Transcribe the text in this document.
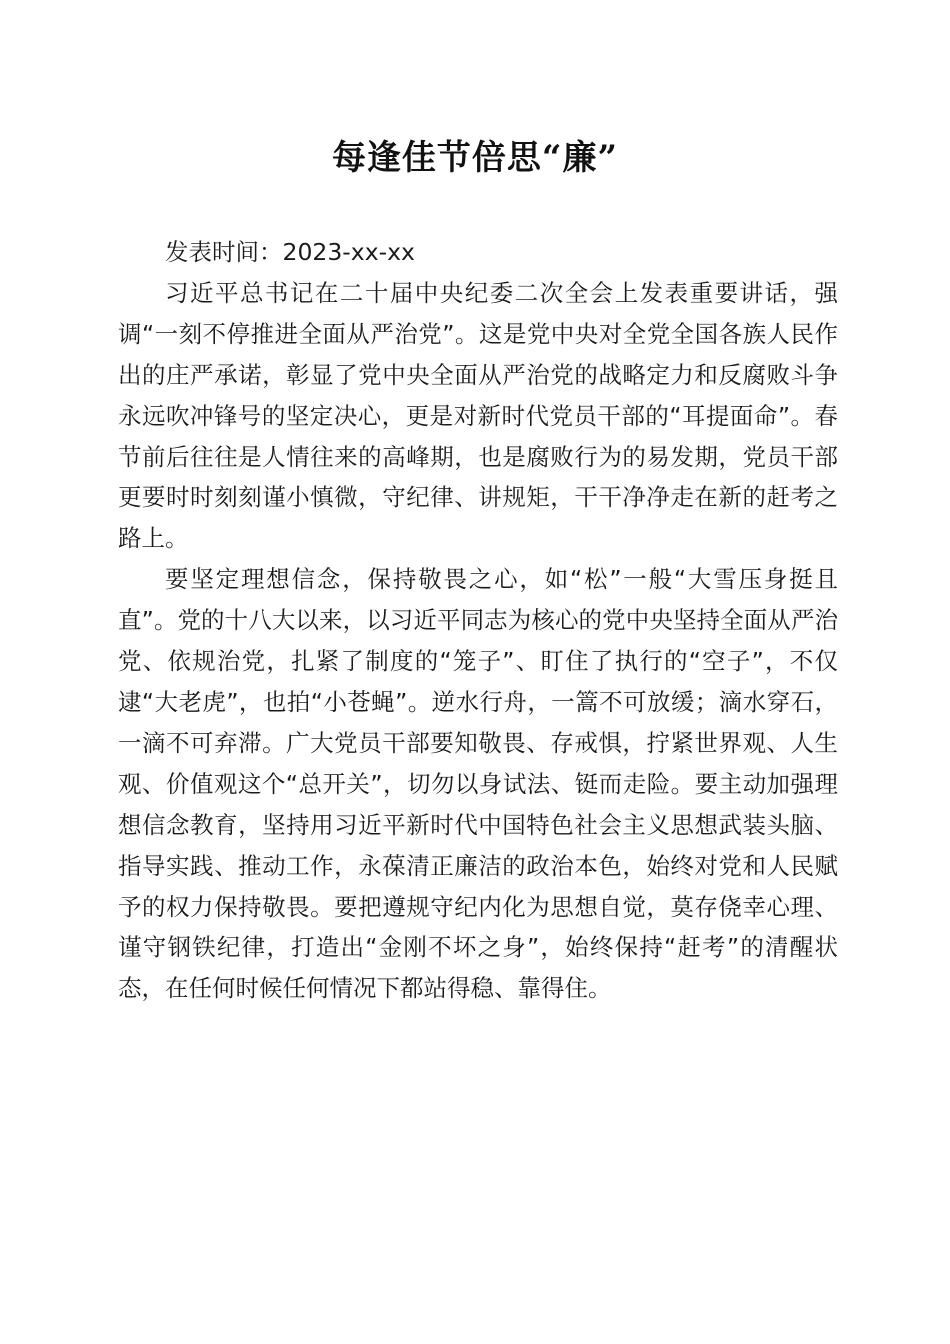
每逢佳节倍思“廉”

发表时间：2023-xx-xx

习近平总书记在二十届中央纪委二次全会上发表重要讲话，强调“一刻不停推进全面从严治党”。这是党中央对全党全国各族人民作出的庄严承诺，彰显了党中央全面从严治党的战略定力和反腐败斗争永远吹冲锋号的坚定决心，更是对新时代党员干部的“耳提面命”。春节前后往往是人情往来的高峰期，也是腐败行为的易发期，党员干部更要时时刻刻谨小慎微，守纪律、讲规矩，干干净净走在新的赶考之路上。

要坚定理想信念，保持敬畏之心，如“松”一般“大雪压身挺且直”。党的十八大以来，以习近平同志为核心的党中央坚持全面从严治党、依规治党，扎紧了制度的“笼子”、盯住了执行的“空子”，不仅逮“大老虎”，也拍“小苍蝇”。逆水行舟，一篙不可放缓；滴水穿石，一滴不可弃滞。广大党员干部要知敬畏、存戒惧，拧紧世界观、人生观、价值观这个“总开关”，切勿以身试法、铤而走险。要主动加强理想信念教育，坚持用习近平新时代中国特色社会主义思想武装头脑、指导实践、推动工作，永葆清正廉洁的政治本色，始终对党和人民赋予的权力保持敬畏。要把遵规守纪内化为思想自觉，莫存侥幸心理、谨守钢铁纪律，打造出“金刚不坏之身”，始终保持“赶考”的清醒状态，在任何时候任何情况下都站得稳、靠得住。
